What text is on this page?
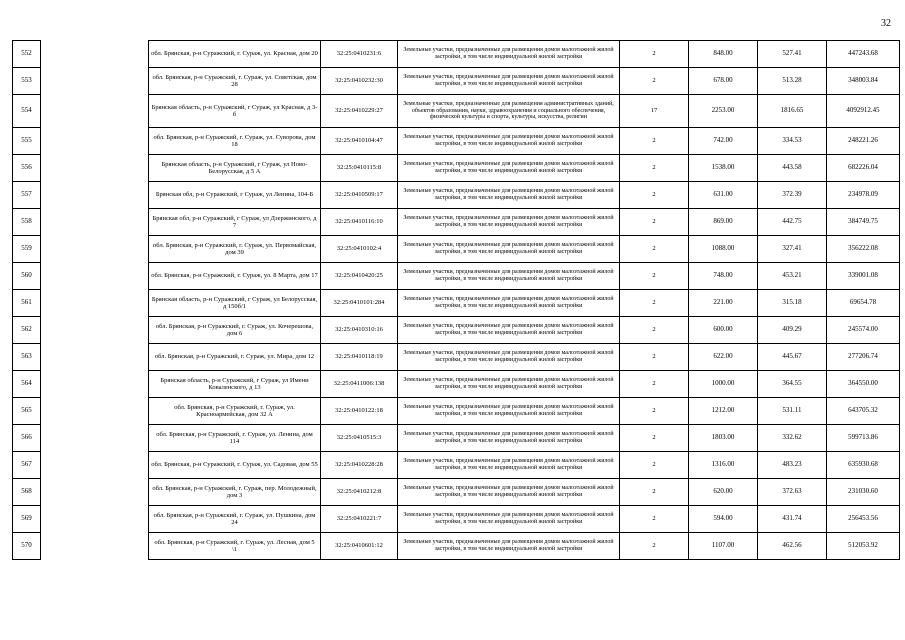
32
552		обл. Брянская, р-н Суражский, г. Сураж, ул. Красная, дом 20	32:25:0410231:6	Земельные участки, предназначенные для размещения домов малоэтажной жилой застройки, в том числе индивидуальной жилой застройки	2	848.00	527.41	447243.68
553		обл. Брянская, р-н Суражский, г. Сураж, ул. Советская, дом 28	32:25:0410232:30	Земельные участки, предназначенные для размещения домов малоэтажной жилой застройки, в том числе индивидуальной жилой застройки	2	678.00	513.28	348003.84
554		Брянская область, р-н Суражский, г Сураж, ул Красная, д 3-б	32:25:0410229:27	Земельные участки, предназначенные для размещения административных зданий, объектов образования, науки, здравоохранения и социального обеспечения, физической культуры и спорта, культуры, искусства, религии	17	2253.00	1816.65	4092912.45
555		обл. Брянская, р-н Суражский, г. Сураж, ул. Суворова, дом 18	32:25:0410104:47	Земельные участки, предназначенные для размещения домов малоэтажной жилой застройки, в том числе индивидуальной жилой застройки	2	742.00	334.53	248221.26
556		Брянская область, р-н Суражский, г Сураж, ул Ново-Белорусская, д 5 А	32:25:0410115:8	Земельные участки, предназначенные для размещения домов малоэтажной жилой застройки, в том числе индивидуальной жилой застройки	2	1538.00	443.58	682226.04
557		Брянская обл, р-н Суражский, г Сураж, ул Ленина, 104-Б	32:25:0410509:17	Земельные участки, предназначенные для размещения домов малоэтажной жилой застройки, в том числе индивидуальной жилой застройки	2	631.00	372.39	234978.09
558		Брянская обл, р-н Суражский, г Сураж, ул Дзержинского, д 7	32:25:0410116:10	Земельные участки, предназначенные для размещения домов малоэтажной жилой застройки, в том числе индивидуальной жилой застройки	2	869.00	442.75	384749.75
559		обл. Брянская, р-н Суражский, г. Сураж, ул. Первомайская, дом 39	32:25:0410102:4	Земельные участки, предназначенные для размещения домов малоэтажной жилой застройки, в том числе индивидуальной жилой застройки	2	1088.00	327.41	356222.08
560		обл. Брянская, р-н Суражский, г. Сураж, ул. 8 Марта, дом 17	32:25:0410420:25	Земельные участки, предназначенные для размещения домов малоэтажной жилой застройки, в том числе индивидуальной жилой застройки	2	748.00	453.21	339001.08
561		Брянская область, р-н Суражский, г Сураж, ул Белорусская, д 150б/1	32:25:0410101:284	Земельные участки, предназначенные для размещения домов малоэтажной жилой застройки, в том числе индивидуальной жилой застройки	2	221.00	315.18	69654.78
562		обл. Брянская, р-н Суражский, г. Сураж, ул. Кочерешова, дом 6	32:25:0410310:16	Земельные участки, предназначенные для размещения домов малоэтажной жилой застройки, в том числе индивидуальной жилой застройки	2	600.00	409.29	245574.00
563		обл. Брянская, р-н Суражский, г. Сураж, ул. Мира, дом 12	32:25:0410118:19	Земельные участки, предназначенные для размещения домов малоэтажной жилой застройки, в том числе индивидуальной жилой застройки	2	622.00	445.67	277206.74
564		Брянская область, р-н Суражский, г Сураж, ул Имени Коваленского, д 13	32:25:0411006:138	Земельные участки, предназначенные для размещения домов малоэтажной жилой застройки, в том числе индивидуальной жилой застройки	2	1000.00	364.55	364550.00
565		обл. Брянская, р-н Суражский, г. Сураж, ул. Красноармейская, дом 32 А	32:25:0410122:18	Земельные участки, предназначенные для размещения домов малоэтажной жилой застройки, в том числе индивидуальной жилой застройки	2	1212.00	531.11	643705.32
566		обл. Брянская, р-н Суражский, г. Сураж, ул. Ленина, дом 114	32:25:0410515:3	Земельные участки, предназначенные для размещения домов малоэтажной жилой застройки, в том числе индивидуальной жилой застройки	2	1803.00	332.62	599713.86
567		обл. Брянская, р-н Суражский, г. Сураж, ул. Садовая, дом 55	32:25:0410228:28	Земельные участки, предназначенные для размещения домов малоэтажной жилой застройки, в том числе индивидуальной жилой застройки	2	1316.00	483.23	635930.68
568		обл. Брянская, р-н Суражский, г. Сураж, пер. Молодежный, дом 3	32:25:0410212:8	Земельные участки, предназначенные для размещения домов малоэтажной жилой застройки, в том числе индивидуальной жилой застройки	2	620.00	372.63	231030.60
569		обл. Брянская, р-н Суражский, г. Сураж, ул. Пушкина, дом 24	32:25:0410221:7	Земельные участки, предназначенные для размещения домов малоэтажной жилой застройки, в том числе индивидуальной жилой застройки	2	594.00	431.74	256453.56
570		обл. Брянская, р-н Суражский, г. Сураж, ул. Лесная, дом 5 \1	32:25:0410601:12	Земельные участки, предназначенные для размещения домов малоэтажной жилой застройки, в том числе индивидуальной жилой застройки	2	1107.00	462.56	512053.92
